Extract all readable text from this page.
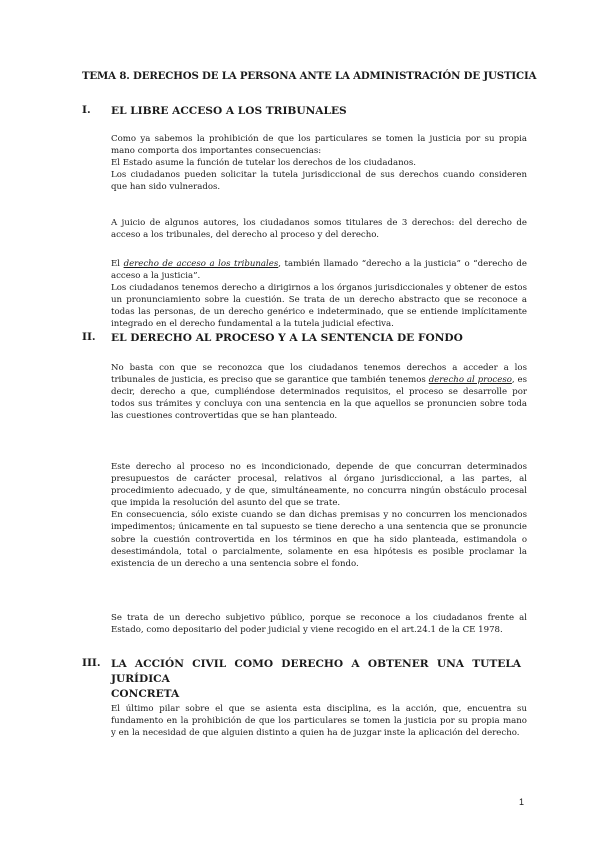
TEMA 8. DERECHOS DE LA PERSONA ANTE LA ADMINISTRACIÓN DE JUSTICIA
I. EL LIBRE ACCESO A LOS TRIBUNALES

Como ya sabemos la prohibición de que los particulares se tomen la justicia por su propia

mano comporta dos importantes consecuencias:

El Estado asume la función de tutelar los derechos de los ciudadanos.

Los ciudadanos pueden solicitar la tutela jurisdiccional de sus derechos cuando consideren

que han sido vulnerados.

A juicio de algunos autores, los ciudadanos somos titulares de 3 derechos: del derecho de

acceso a los tribunales, del derecho al proceso y del derecho.

El derecho de acceso a los tribunales, también llamado “derecho a la justicia” o “derecho de

acceso a la justicia”.

Los ciudadanos tenemos derecho a dirigirnos a los órganos jurisdiccionales y obtener de estos

un pronunciamiento sobre la cuestión. Se trata de un derecho abstracto que se reconoce a

todas las personas, de un derecho genérico e indeterminado, que se entiende implícitamente

integrado en el derecho fundamental a la tutela judicial efectiva.

II. EL DERECHO AL PROCESO Y A LA SENTENCIA DE FONDO

No basta con que se reconozca que los ciudadanos tenemos derechos a acceder a los

tribunales de justicia, es preciso que se garantice que también tenemos derecho al proceso, es

decir, derecho a que, cumpliéndose determinados requisitos, el proceso se desarrolle por

todos sus trámites y concluya con una sentencia en la que aquellos se pronuncien sobre toda

las cuestiones controvertidas que se han planteado.

Este derecho al proceso no es incondicionado, depende de que concurran determinados

presupuestos de carácter procesal, relativos al órgano jurisdiccional, a las partes, al

procedimiento adecuado, y de que, simultáneamente, no concurra ningún obstáculo procesal

que impida la resolución del asunto del que se trate.

En consecuencia, sólo existe cuando se dan dichas premisas y no concurren los mencionados

impedimentos; únicamente en tal supuesto se tiene derecho a una sentencia que se pronuncie

sobre la cuestión controvertida en los términos en que ha sido planteada, estimandola o

desestimándola, total o parcialmente, solamente en esa hipótesis es posible proclamar la

existencia de un derecho a una sentencia sobre el fondo.

Se trata de un derecho subjetivo público, porque se reconoce a los ciudadanos frente al

Estado, como depositario del poder judicial y viene recogido en el art.24.1 de la CE 1978.

III. LA ACCIÓN CIVIL COMO DERECHO A OBTENER UNA TUTELA JURÍDICA
CONCRETA

El último pilar sobre el que se asienta esta disciplina, es la acción, que, encuentra su

fundamento en la prohibición de que los particulares se tomen la justicia por su propia mano

y en la necesidad de que alguien distinto a quien ha de juzgar inste la aplicación del derecho.

1
